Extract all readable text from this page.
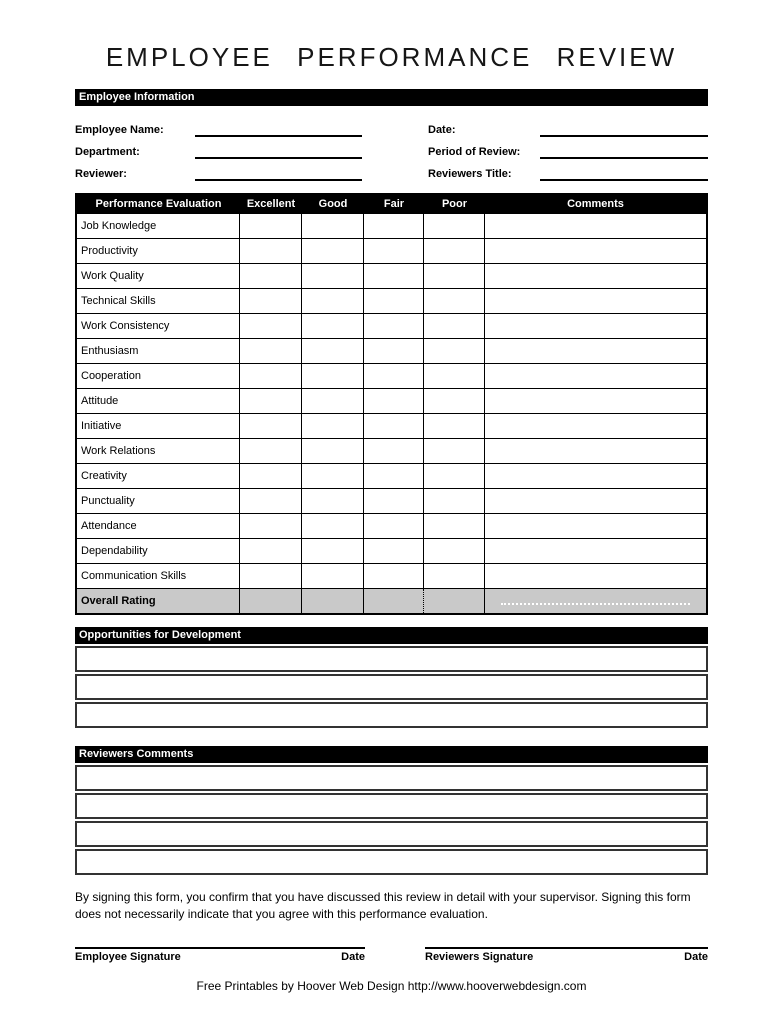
EMPLOYEE PERFORMANCE REVIEW
Employee Information
Employee Name:
Department:
Reviewer:
Date:
Period of Review:
Reviewers Title:
Performance Evaluation	Excellent	Good	Fair	Poor	Comments
Job Knowledge
Productivity
Work Quality
Technical Skills
Work Consistency
Enthusiasm
Cooperation
Attitude
Initiative
Work Relations
Creativity
Punctuality
Attendance
Dependability
Communication Skills
Overall Rating
Opportunities for Development
Reviewers Comments
By signing this form, you confirm that you have discussed this review in detail with your supervisor. Signing this form does not necessarily indicate that you agree with this performance evaluation.
Employee Signature	Date	Reviewers Signature	Date
Free Printables by Hoover Web Design http://www.hooverwebdesign.com
